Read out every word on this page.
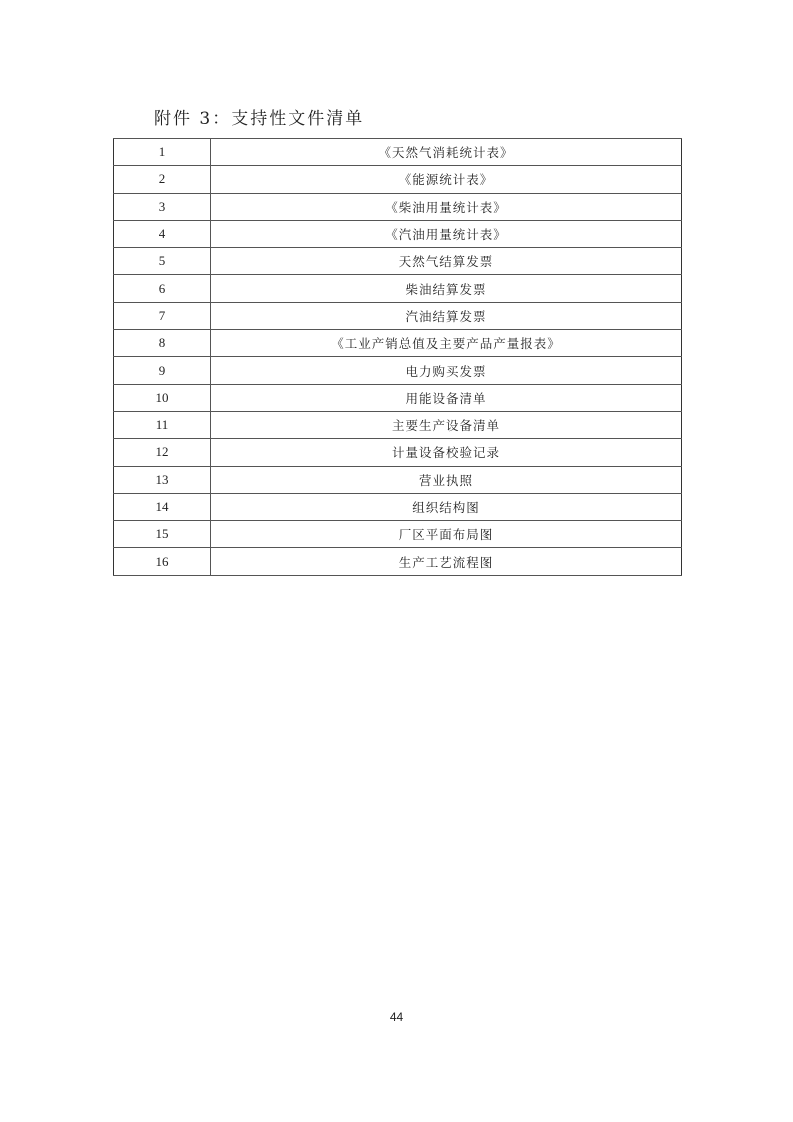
附件 3：支持性文件清单
1	《天然气消耗统计表》
2	《能源统计表》
3	《柴油用量统计表》
4	《汽油用量统计表》
5	天然气结算发票
6	柴油结算发票
7	汽油结算发票
8	《工业产销总值及主要产品产量报表》
9	电力购买发票
10	用能设备清单
11	主要生产设备清单
12	计量设备校验记录
13	营业执照
14	组织结构图
15	厂区平面布局图
16	生产工艺流程图
44
